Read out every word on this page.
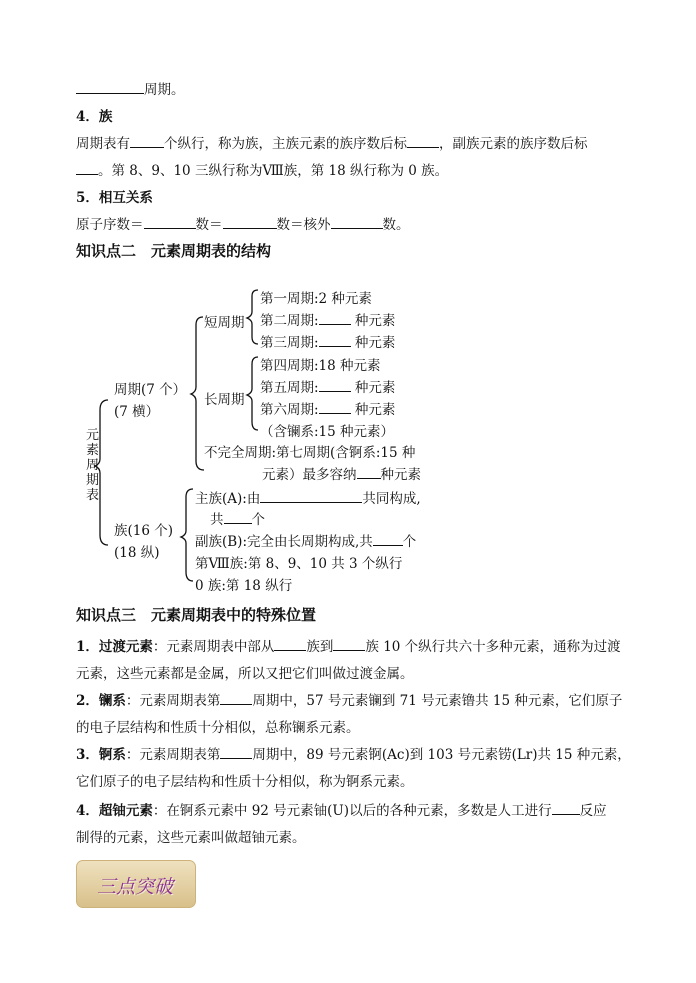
周期。
4．族
周期表有	个纵行，称为族，主族元素的族序数后标 ，副族元素的族序数后标
。第 8、9、10 三纵行称为Ⅷ族，第 18 纵行称为 0 族。
5．相互关系
原子序数＝	数＝	数＝核外	数。
知识点二　元素周期表的结构
元
素
周
期
表
周期(7 个）
(7 横）
短周期
长周期
第一周期:2 种元素
第二周期:	种元素
第三周期:	种元素
第四周期:18 种元素
第五周期:	种元素
第六周期:	种元素
（含镧系:15 种元素）
不完全周期:第七周期(含锕系:15 种
元素）最多容纳 种元素
族(16 个)
(18 纵)
主族(A):由	共同构成,
共 个
副族(B):完全由长周期构成,共 个
第Ⅷ族:第 8、9、10 共 3 个纵行
0 族:第 18 纵行
知识点三　元素周期表中的特殊位置
1．过渡元素：元素周期表中部从 族到 族 10 个纵行共六十多种元素，通称为过渡
元素，这些元素都是金属，所以又把它们叫做过渡金属。
2．镧系：元素周期表第 周期中，57 号元素镧到 71 号元素镥共 15 种元素，它们原子
的电子层结构和性质十分相似，总称镧系元素。
3．锕系：元素周期表第 周期中，89 号元素锕(Ac)到 103 号元素铹(Lr)共 15 种元素，
它们原子的电子层结构和性质十分相似，称为锕系元素。
4．超铀元素：在锕系元素中 92 号元素铀(U)以后的各种元素，多数是人工进行 反应
制得的元素，这些元素叫做超铀元素。
三点突破
